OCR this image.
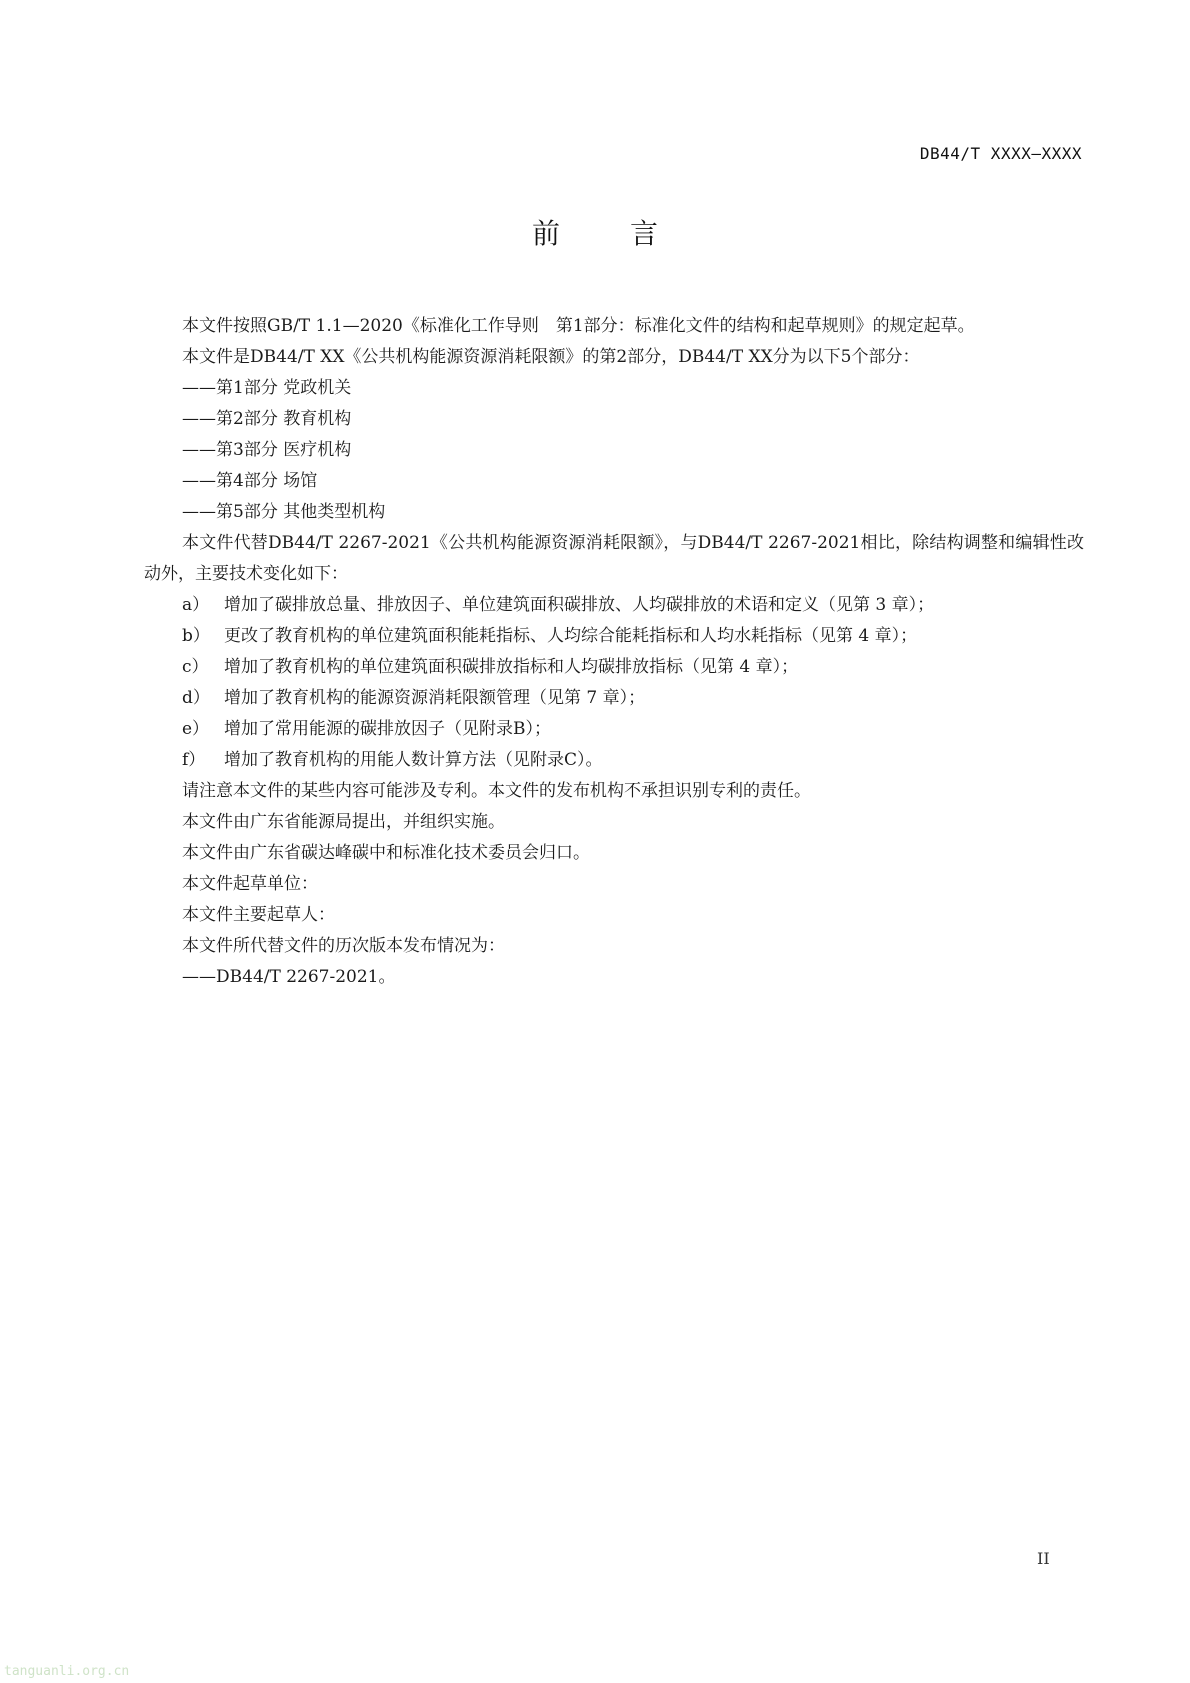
DB44/T XXXX—XXXX
前	言

本文件按照GB/T 1.1—2020《标准化工作导则　第1部分：标准化文件的结构和起草规则》的规定起草。

本文件是DB44/T XX《公共机构能源资源消耗限额》的第2部分，DB44/T XX分为以下5个部分：

——第1部分 党政机关

——第2部分 教育机构

——第3部分 医疗机构

——第4部分 场馆

——第5部分 其他类型机构

本文件代替DB44/T 2267-2021《公共机构能源资源消耗限额》，与DB44/T 2267-2021相比，除结构调整和编辑性改动外，主要技术变化如下：

a） 增加了碳排放总量、排放因子、单位建筑面积碳排放、人均碳排放的术语和定义（见第 3 章）；
b） 更改了教育机构的单位建筑面积能耗指标、人均综合能耗指标和人均水耗指标（见第 4 章）；
c） 增加了教育机构的单位建筑面积碳排放指标和人均碳排放指标（见第 4 章）；
d） 增加了教育机构的能源资源消耗限额管理（见第 7 章）；
e） 增加了常用能源的碳排放因子（见附录B）；
f）	增加了教育机构的用能人数计算方法（见附录C）。

请注意本文件的某些内容可能涉及专利。本文件的发布机构不承担识别专利的责任。

本文件由广东省能源局提出，并组织实施。

本文件由广东省碳达峰碳中和标准化技术委员会归口。

本文件起草单位：

本文件主要起草人：

本文件所代替文件的历次版本发布情况为：

——DB44/T 2267-2021。

II
tanguanli.org.cn
